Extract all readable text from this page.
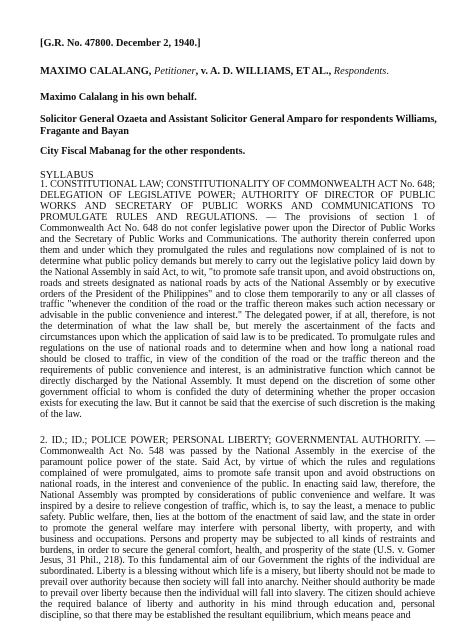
[G.R. No. 47800. December 2, 1940.]
MAXIMO CALALANG, Petitioner, v. A. D. WILLIAMS, ET AL., Respondents.
Maximo Calalang in his own behalf.
Solicitor General Ozaeta and Assistant Solicitor General Amparo for respondents Williams, Fragante and Bayan
City Fiscal Mabanag for the other respondents.
SYLLABUS
1. CONSTITUTIONAL LAW; CONSTITUTIONALITY OF COMMONWEALTH ACT No. 648; DELEGATION OF LEGISLATIVE POWER; AUTHORITY OF DIRECTOR OF PUBLIC WORKS AND SECRETARY OF PUBLIC WORKS AND COMMUNICATIONS TO PROMULGATE RULES AND REGULATIONS. — The provisions of section 1 of Commonwealth Act No. 648 do not confer legislative power upon the Director of Public Works and the Secretary of Public Works and Communications. The authority therein conferred upon them and under which they promulgated the rules and regulations now complained of is not to determine what public policy demands but merely to carry out the legislative policy laid down by the National Assembly in said Act, to wit, "to promote safe transit upon, and avoid obstructions on, roads and streets designated as national roads by acts of the National Assembly or by executive orders of the President of the Philippines" and to close them temporarily to any or all classes of traffic "whenever the condition of the road or the traffic thereon makes such action necessary or advisable in the public convenience and interest." The delegated power, if at all, therefore, is not the determination of what the law shall be, but merely the ascertainment of the facts and circumstances upon which the application of said law is to be predicated. To promulgate rules and regulations on the use of national roads and to determine when and how long a national road should be closed to traffic, in view of the condition of the road or the traffic thereon and the requirements of public convenience and interest, is an administrative function which cannot be directly discharged by the National Assembly. It must depend on the discretion of some other government official to whom is confided the duty of determining whether the proper occasion exists for executing the law. But it cannot be said that the exercise of such discretion is the making of the law.
2. ID.; ID.; POLICE POWER; PERSONAL LIBERTY; GOVERNMENTAL AUTHORITY. — Commonwealth Act No. 548 was passed by the National Assembly in the exercise of the paramount police power of the state. Said Act, by virtue of which the rules and regulations complained of were promulgated, aims to promote safe transit upon and avoid obstructions on national roads, in the interest and convenience of the public. In enacting said law, therefore, the National Assembly was prompted by considerations of public convenience and welfare. It was inspired by a desire to relieve congestion of traffic, which is, to say the least, a menace to public safety. Public welfare, then, lies at the bottom of the enactment of said law, and the state in order to promote the general welfare may interfere with personal liberty, with property, and with business and occupations. Persons and property may be subjected to all kinds of restraints and burdens, in order to secure the general comfort, health, and prosperity of the state (U.S. v. Gomer Jesus, 31 Phil., 218). To this fundamental aim of our Government the rights of the individual are subordinated. Liberty is a blessing without which life is a misery, but liberty should not be made to prevail over authority because then society will fall into anarchy. Neither should authority be made to prevail over liberty because then the individual will fall into slavery. The citizen should achieve the required balance of liberty and authority in his mind through education and, personal discipline, so that there may be established the resultant equilibrium, which means peace and
